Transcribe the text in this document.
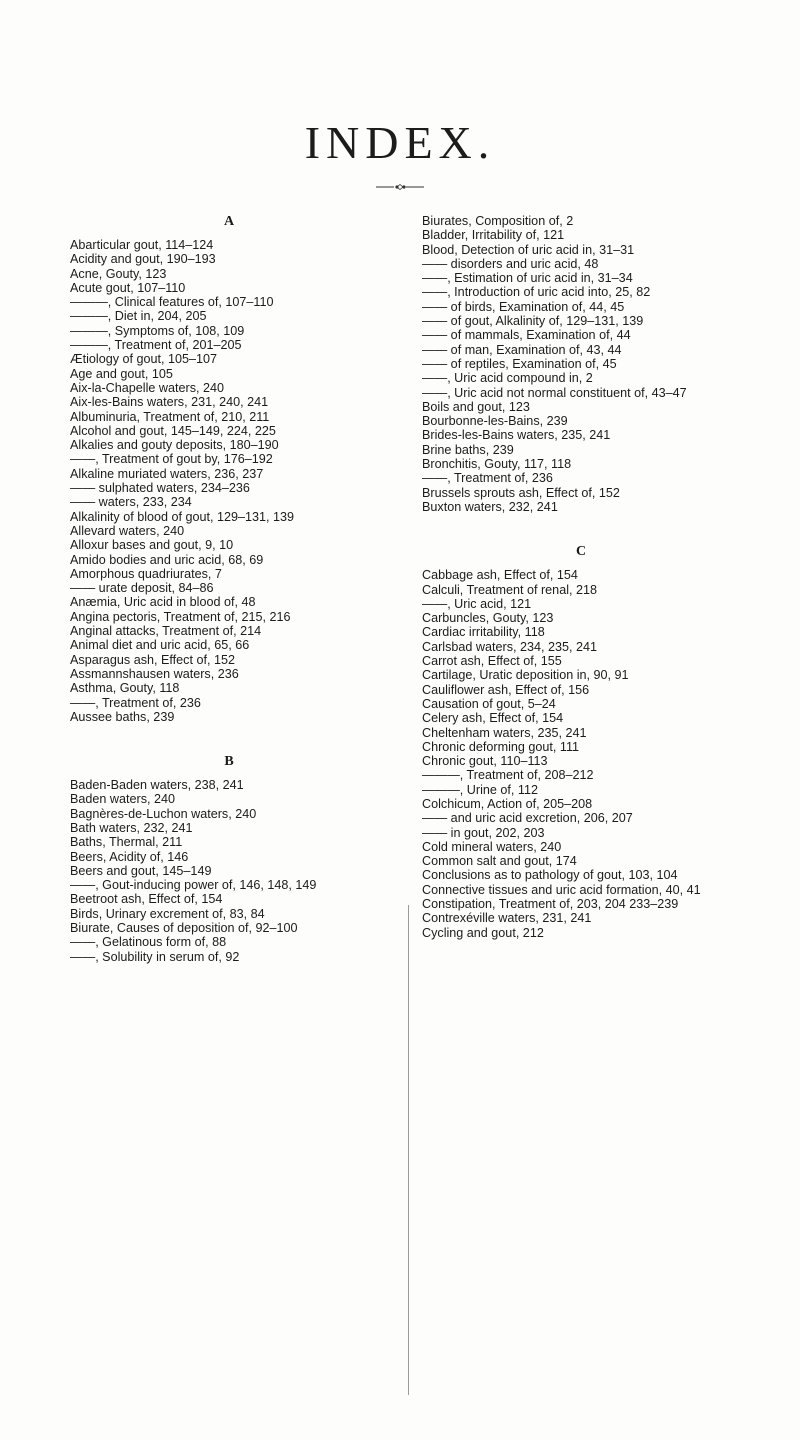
INDEX.

A

Abarticular gout, 114–124

Acidity and gout, 190–193

Acne, Gouty, 123

Acute gout, 107–110

———, Clinical features of, 107–110

———, Diet in, 204, 205

———, Symptoms of, 108, 109

———, Treatment of, 201–205

Ætiology of gout, 105–107

Age and gout, 105

Aix-la-Chapelle waters, 240

Aix-les-Bains waters, 231, 240, 241

Albuminuria, Treatment of, 210, 211

Alcohol and gout, 145–149, 224, 225

Alkalies and gouty deposits, 180–190

——, Treatment of gout by, 176–192

Alkaline muriated waters, 236, 237

—— sulphated waters, 234–236

—— waters, 233, 234

Alkalinity of blood of gout, 129–131, 139

Allevard waters, 240

Alloxur bases and gout, 9, 10

Amido bodies and uric acid, 68, 69

Amorphous quadriurates, 7

—— urate deposit, 84–86

Anæmia, Uric acid in blood of, 48

Angina pectoris, Treatment of, 215, 216

Anginal attacks, Treatment of, 214

Animal diet and uric acid, 65, 66

Asparagus ash, Effect of, 152

Assmannshausen waters, 236

Asthma, Gouty, 118

——, Treatment of, 236

Aussee baths, 239

B

Baden-Baden waters, 238, 241

Baden waters, 240

Bagnères-de-Luchon waters, 240

Bath waters, 232, 241

Baths, Thermal, 211

Beers, Acidity of, 146

Beers and gout, 145–149

——, Gout-inducing power of, 146, 148, 149

Beetroot ash, Effect of, 154

Birds, Urinary excrement of, 83, 84

Biurate, Causes of deposition of, 92–100

——, Gelatinous form of, 88

——, Solubility in serum of, 92

Biurates, Composition of, 2

Bladder, Irritability of, 121

Blood, Detection of uric acid in, 31–31

—— disorders and uric acid, 48

——, Estimation of uric acid in, 31–34

——, Introduction of uric acid into, 25, 82

—— of birds, Examination of, 44, 45

—— of gout, Alkalinity of, 129–131, 139

—— of mammals, Examination of, 44

—— of man, Examination of, 43, 44

—— of reptiles, Examination of, 45

——, Uric acid compound in, 2

——, Uric acid not normal constituent of, 43–47

Boils and gout, 123

Bourbonne-les-Bains, 239

Brides-les-Bains waters, 235, 241

Brine baths, 239

Bronchitis, Gouty, 117, 118

——, Treatment of, 236

Brussels sprouts ash, Effect of, 152

Buxton waters, 232, 241

C

Cabbage ash, Effect of, 154

Calculi, Treatment of renal, 218

——, Uric acid, 121

Carbuncles, Gouty, 123

Cardiac irritability, 118

Carlsbad waters, 234, 235, 241

Carrot ash, Effect of, 155

Cartilage, Uratic deposition in, 90, 91

Cauliflower ash, Effect of, 156

Causation of gout, 5–24

Celery ash, Effect of, 154

Cheltenham waters, 235, 241

Chronic deforming gout, 111

Chronic gout, 110–113

———, Treatment of, 208–212

———, Urine of, 112

Colchicum, Action of, 205–208

—— and uric acid excretion, 206, 207

—— in gout, 202, 203

Cold mineral waters, 240

Common salt and gout, 174

Conclusions as to pathology of gout, 103, 104

Connective tissues and uric acid formation, 40, 41

Constipation, Treatment of, 203, 204 233–239

Contrexéville waters, 231, 241

Cycling and gout, 212
